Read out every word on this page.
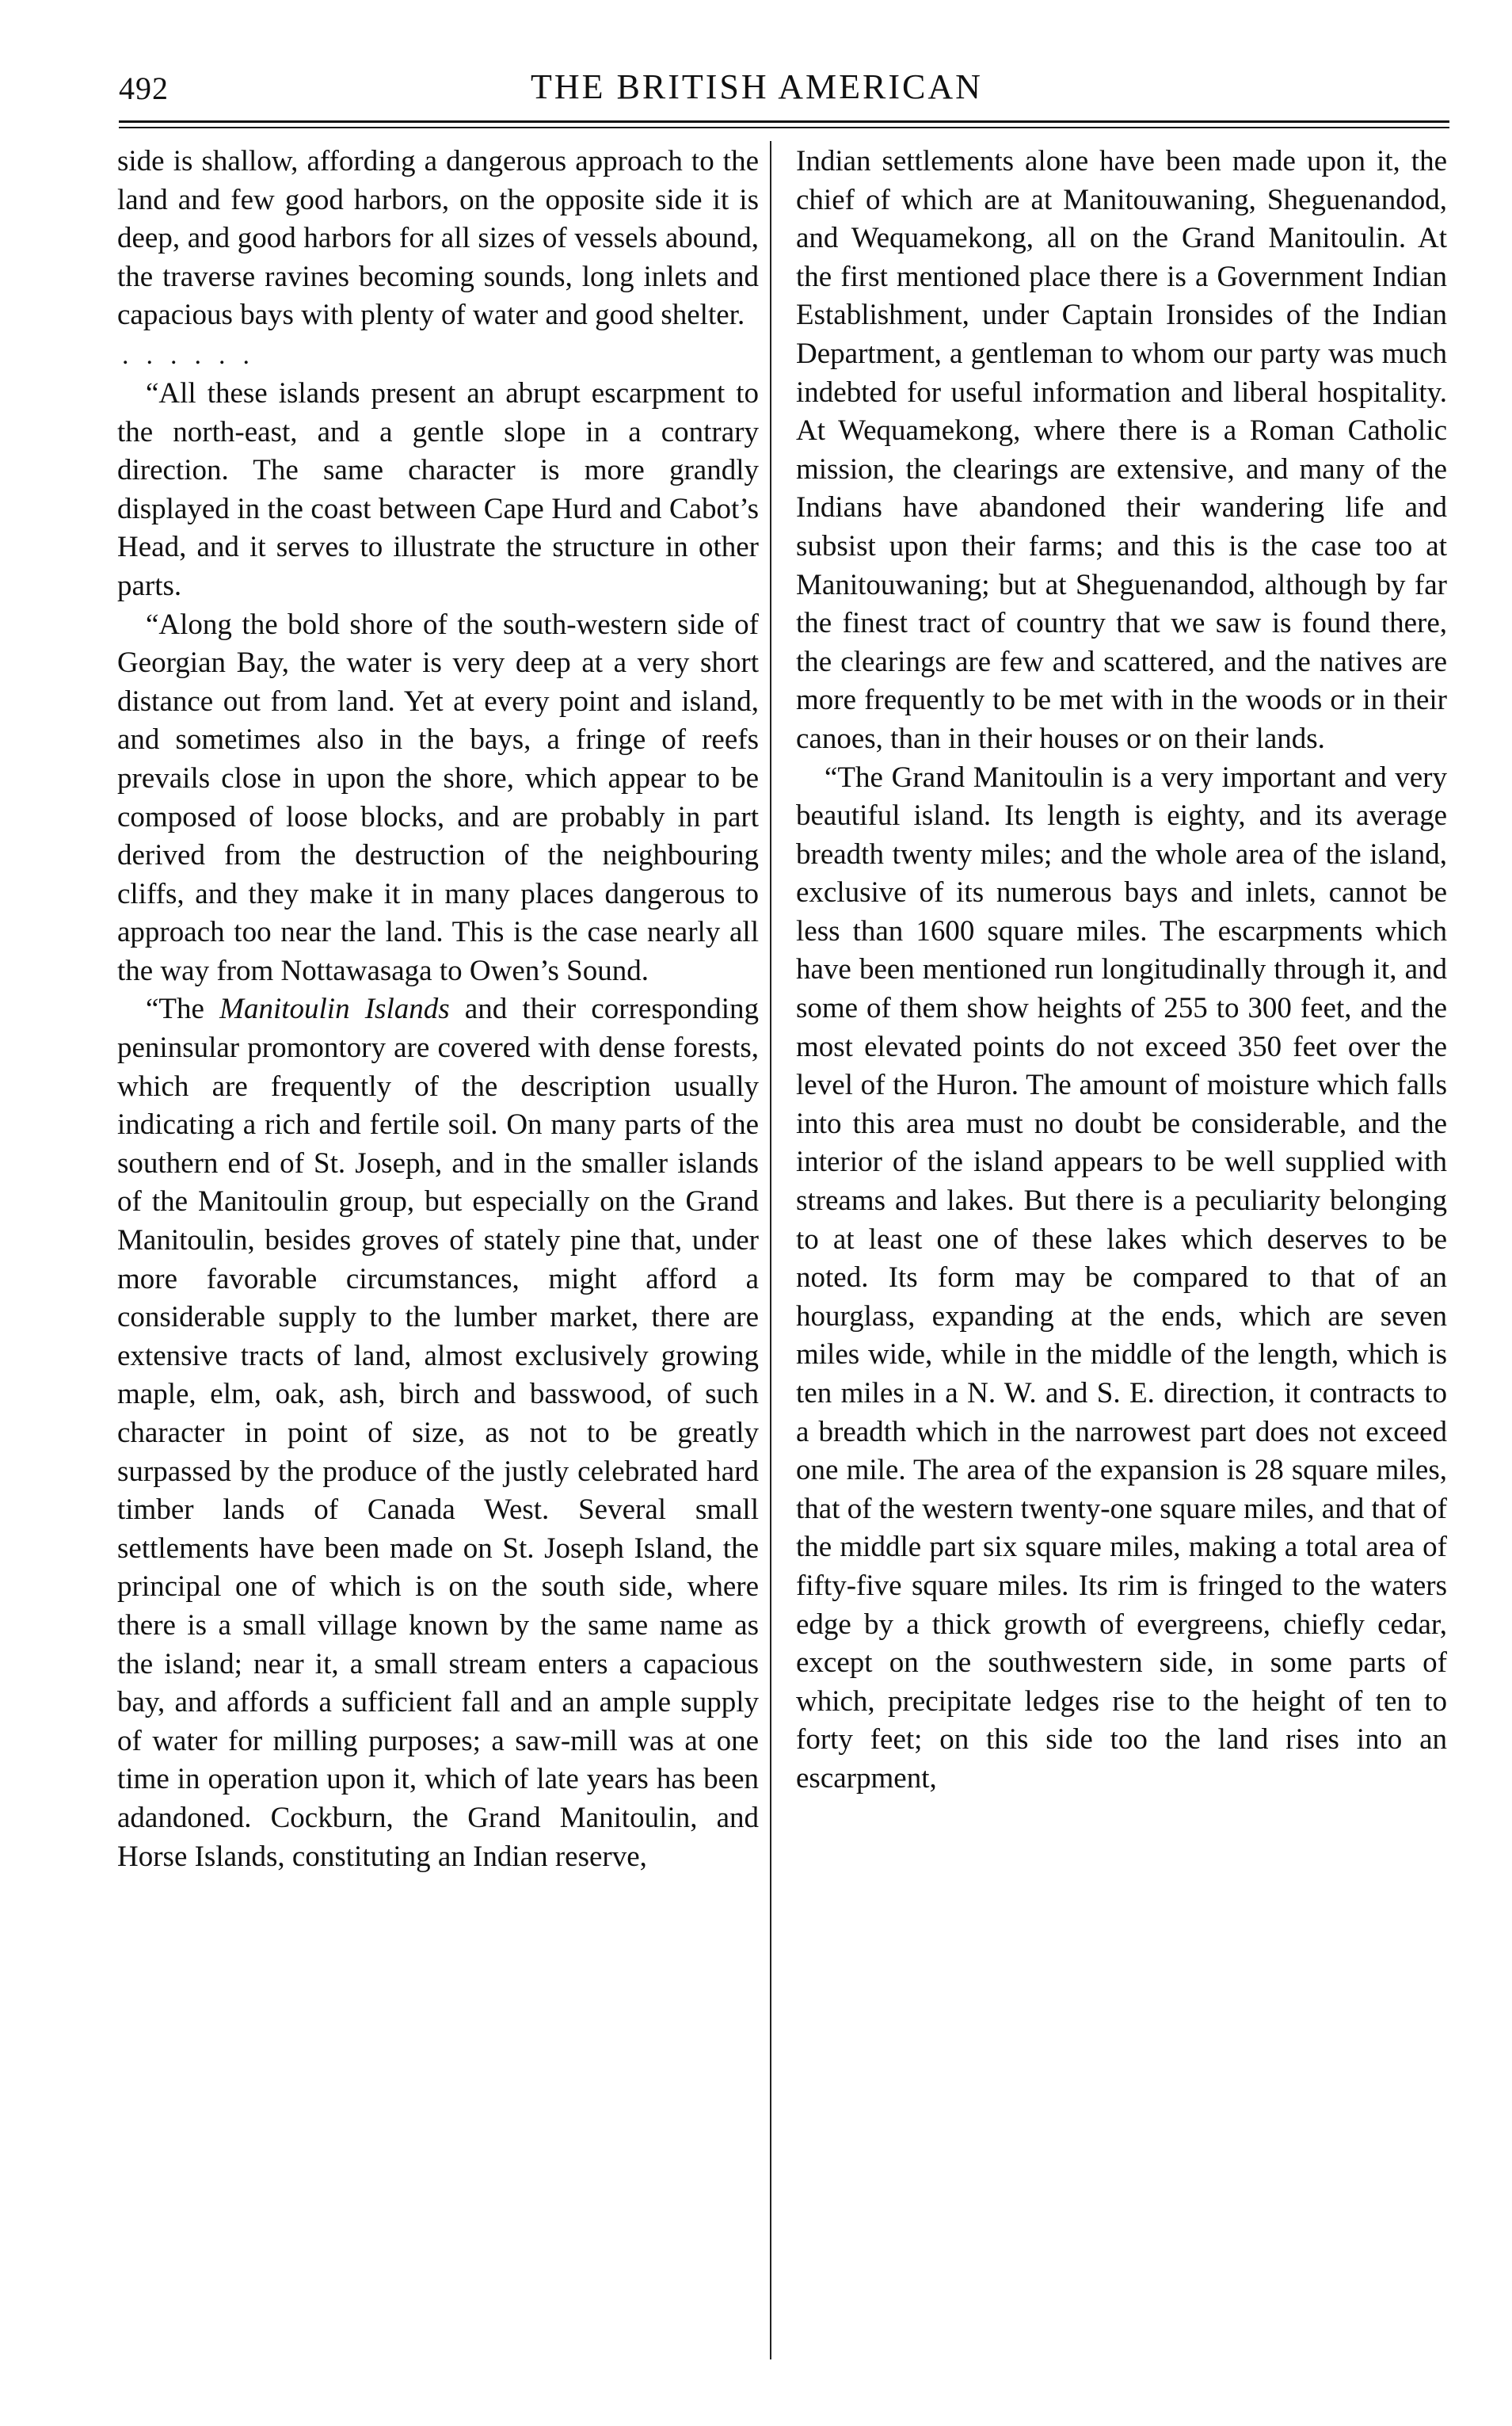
492	THE BRITISH AMERICAN

side is shallow, affording a dangerous approach to the land and few good harbors, on the opposite side it is deep, and good harbors for all sizes of vessels abound, the traverse ravines becoming sounds, long inlets and capacious bays with plenty of water and good shelter.

......

“All these islands present an abrupt escarpment to the north-east, and a gentle slope in a contrary direction. The same character is more grandly displayed in the coast between Cape Hurd and Cabot’s Head, and it serves to illustrate the structure in other parts.

“Along the bold shore of the south-western side of Georgian Bay, the water is very deep at a very short distance out from land. Yet at every point and island, and sometimes also in the bays, a fringe of reefs prevails close in upon the shore, which appear to be composed of loose blocks, and are probably in part derived from the destruction of the neighbouring cliffs, and they make it in many places dangerous to approach too near the land. This is the case nearly all the way from Nottawasaga to Owen’s Sound.

“The Manitoulin Islands and their corresponding peninsular promontory are covered with dense forests, which are frequently of the description usually indicating a rich and fertile soil. On many parts of the southern end of St. Joseph, and in the smaller islands of the Manitoulin group, but especially on the Grand Manitoulin, besides groves of stately pine that, under more favorable circumstances, might afford a considerable supply to the lumber market, there are extensive tracts of land, almost exclusively growing maple, elm, oak, ash, birch and basswood, of such character in point of size, as not to be greatly surpassed by the produce of the justly celebrated hard timber lands of Canada West. Several small settlements have been made on St. Joseph Island, the principal one of which is on the south side, where there is a small village known by the same name as the island; near it, a small stream enters a capacious bay, and affords a sufficient fall and an ample supply of water for milling purposes; a saw-mill was at one time in operation upon it, which of late years has been adandoned. Cockburn, the Grand Manitoulin, and Horse Islands, constituting an Indian reserve,

Indian settlements alone have been made upon it, the chief of which are at Manitouwaning, Sheguenandod, and Wequamekong, all on the Grand Manitoulin. At the first mentioned place there is a Government Indian Establishment, under Captain Ironsides of the Indian Department, a gentleman to whom our party was much indebted for useful information and liberal hospitality. At Wequamekong, where there is a Roman Catholic mission, the clearings are extensive, and many of the Indians have abandoned their wandering life and subsist upon their farms; and this is the case too at Manitouwaning; but at Sheguenandod, although by far the finest tract of country that we saw is found there, the clearings are few and scattered, and the natives are more frequently to be met with in the woods or in their canoes, than in their houses or on their lands.

“The Grand Manitoulin is a very important and very beautiful island. Its length is eighty, and its average breadth twenty miles; and the whole area of the island, exclusive of its numerous bays and inlets, cannot be less than 1600 square miles. The escarpments which have been mentioned run longitudinally through it, and some of them show heights of 255 to 300 feet, and the most elevated points do not exceed 350 feet over the level of the Huron. The amount of moisture which falls into this area must no doubt be considerable, and the interior of the island appears to be well supplied with streams and lakes. But there is a peculiarity belonging to at least one of these lakes which deserves to be noted. Its form may be compared to that of an hourglass, expanding at the ends, which are seven miles wide, while in the middle of the length, which is ten miles in a N. W. and S. E. direction, it contracts to a breadth which in the narrowest part does not exceed one mile. The area of the expansion is 28 square miles, that of the western twenty-one square miles, and that of the middle part six square miles, making a total area of fifty-five square miles. Its rim is fringed to the waters edge by a thick growth of evergreens, chiefly cedar, except on the southwestern side, in some parts of which, precipitate ledges rise to the height of ten to forty feet; on this side too the land rises into an escarpment,
